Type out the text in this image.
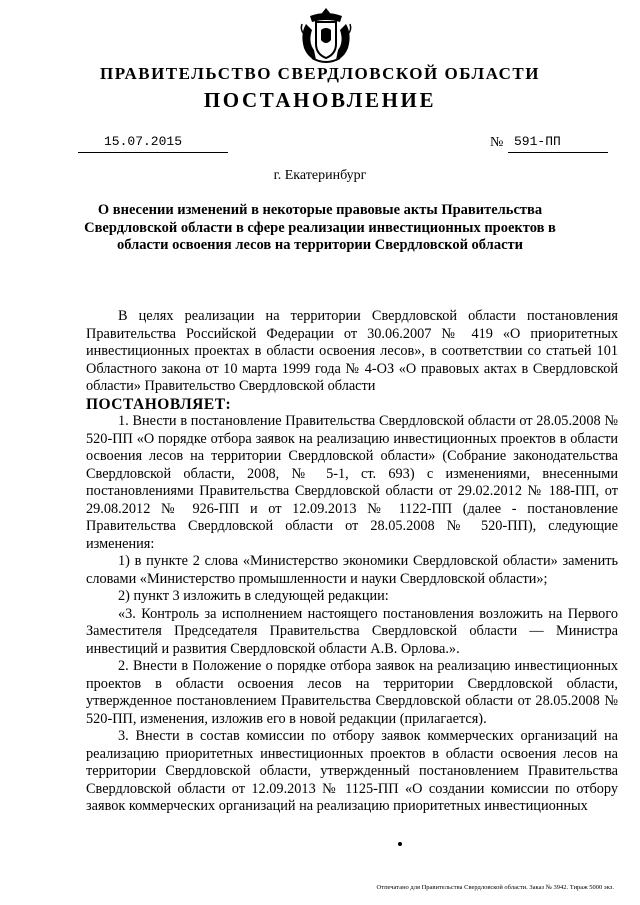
ПРАВИТЕЛЬСТВО СВЕРДЛОВСКОЙ ОБЛАСТИ
ПОСТАНОВЛЕНИЕ
15.07.2015	№ 591-ПП
г. Екатеринбург
О внесении изменений в некоторые правовые акты Правительства Свердловской области в сфере реализации инвестиционных проектов в области освоения лесов на территории Свердловской области

В целях реализации на территории Свердловской области постановления Правительства Российской Федерации от 30.06.2007 № 419 «О приоритетных инвестиционных проектах в области освоения лесов», в соответствии со статьей 101 Областного закона от 10 марта 1999 года № 4-ОЗ «О правовых актах в Свердловской области» Правительство Свердловской области

ПОСТАНОВЛЯЕТ:

1. Внести в постановление Правительства Свердловской области от 28.05.2008 № 520-ПП «О порядке отбора заявок на реализацию инвестиционных проектов в области освоения лесов на территории Свердловской области» (Собрание законодательства Свердловской области, 2008, № 5-1, ст. 693) с изменениями, внесенными постановлениями Правительства Свердловской области от 29.02.2012 № 188-ПП, от 29.08.2012 № 926-ПП и от 12.09.2013 № 1122-ПП (далее - постановление Правительства Свердловской области от 28.05.2008 № 520-ПП), следующие изменения:

1) в пункте 2 слова «Министерство экономики Свердловской области» заменить словами «Министерство промышленности и науки Свердловской области»;

2) пункт 3 изложить в следующей редакции:

«3. Контроль за исполнением настоящего постановления возложить на Первого Заместителя Председателя Правительства Свердловской области — Министра инвестиций и развития Свердловской области А.В. Орлова.».

2. Внести в Положение о порядке отбора заявок на реализацию инвестиционных проектов в области освоения лесов на территории Свердловской области, утвержденное постановлением Правительства Свердловской области от 28.05.2008 № 520-ПП, изменения, изложив его в новой редакции (прилагается).

3. Внести в состав комиссии по отбору заявок коммерческих организаций на реализацию приоритетных инвестиционных проектов в области освоения лесов на территории Свердловской области, утвержденный постановлением Правительства Свердловской области от 12.09.2013 № 1125-ПП «О создании комиссии по отбору заявок коммерческих организаций на реализацию приоритетных инвестиционных

Отпечатано для Правительства Свердловской области. Заказ № 3942. Тираж 5000 экз.
